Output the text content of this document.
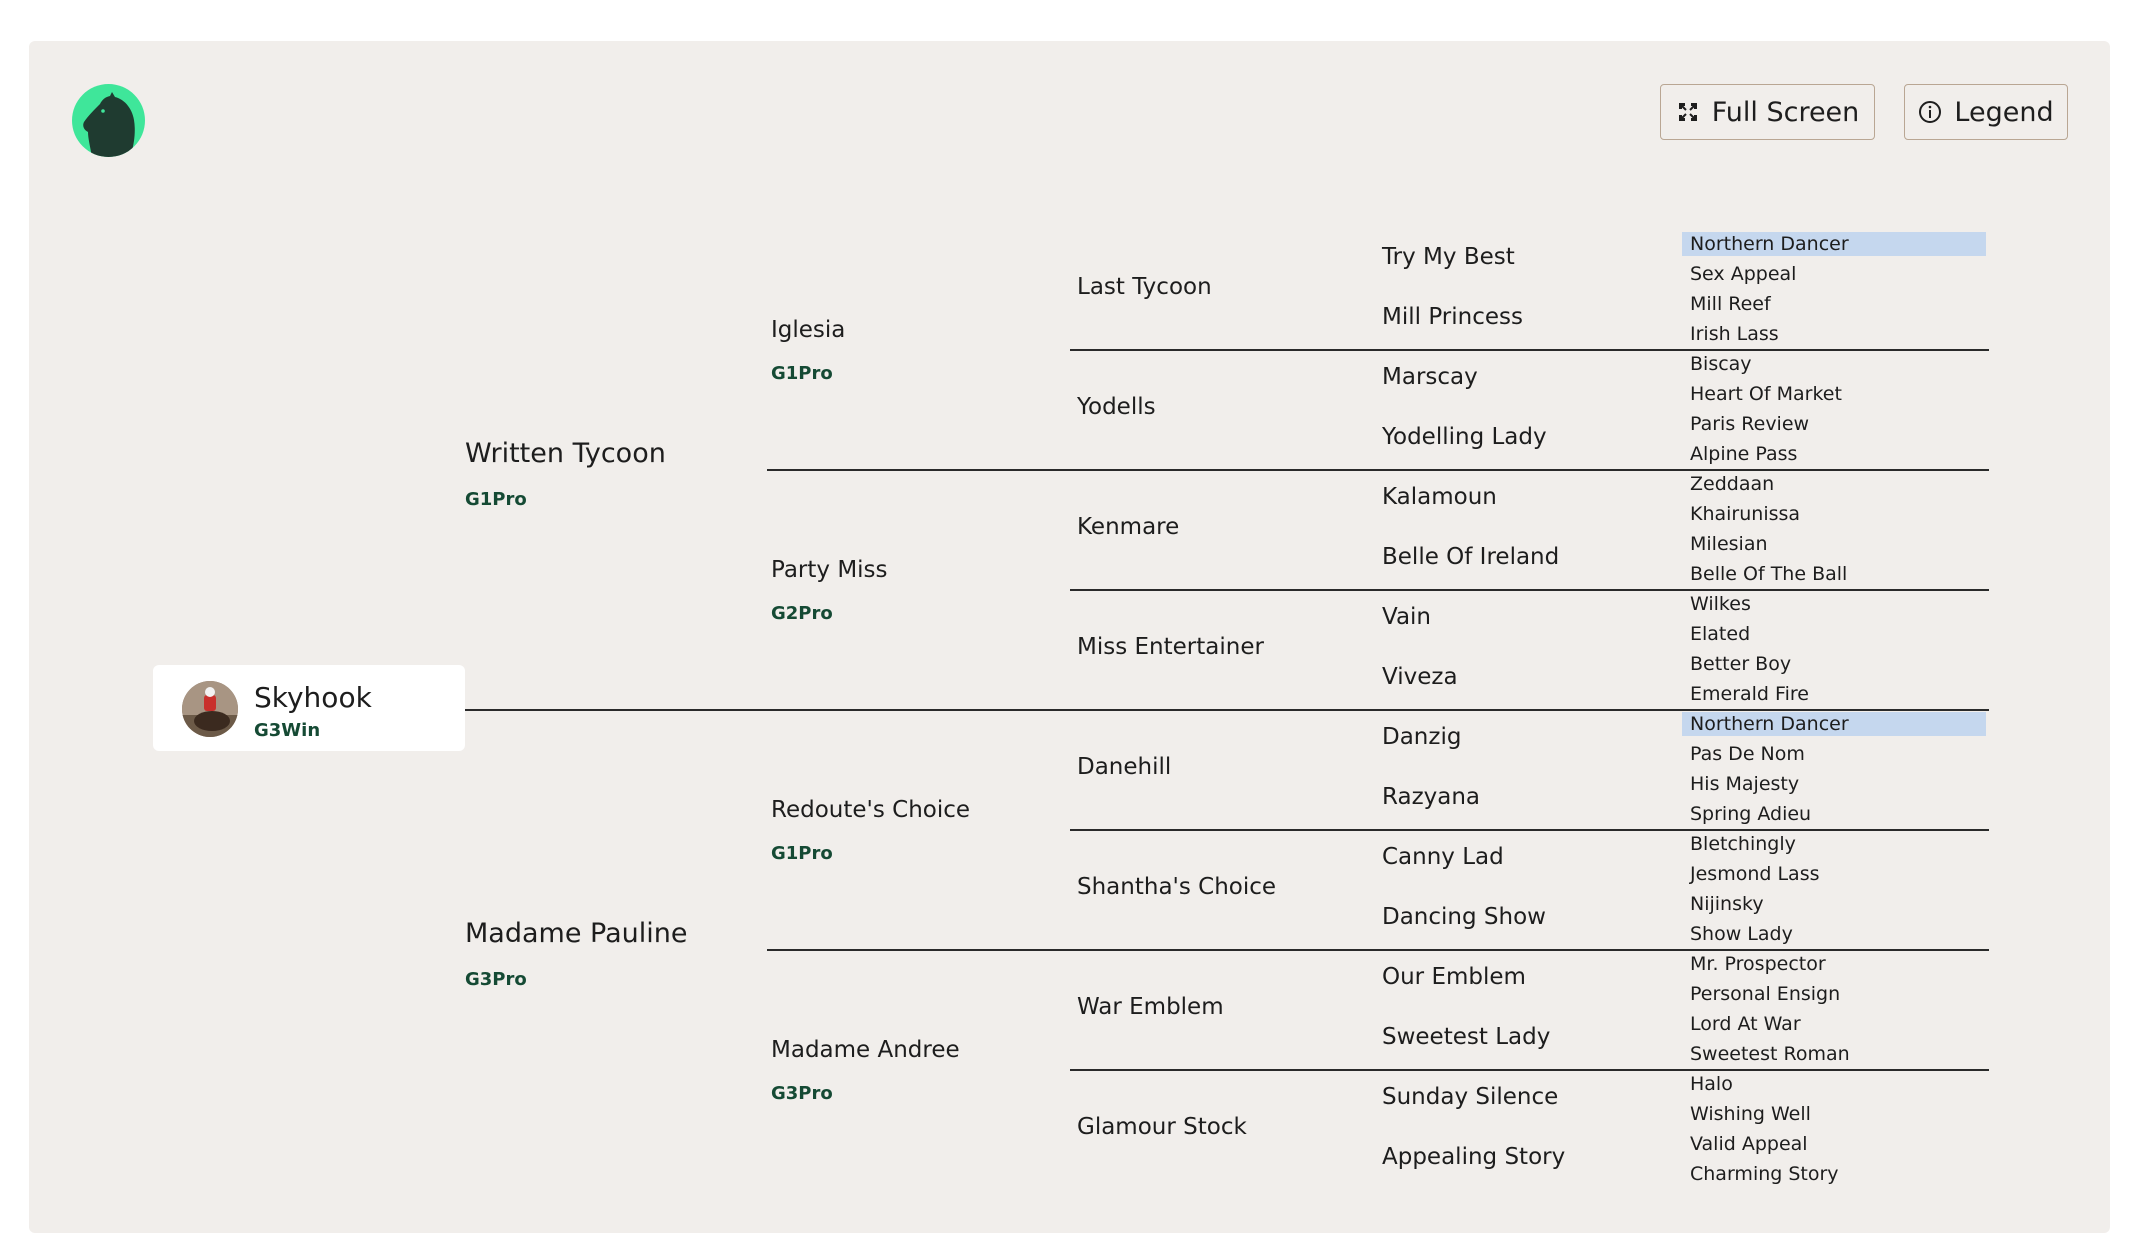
Full Screen	Legend
Skyhook
G3Win
Written Tycoon
G1Pro
Madame Pauline
G3Pro
Iglesia
G1Pro
Party Miss
G2Pro
Redoute's Choice
G1Pro
Madame Andree
G3Pro
Last Tycoon
Yodells
Kenmare
Miss Entertainer
Danehill
Shantha's Choice
War Emblem
Glamour Stock
Try My Best
Mill Princess
Marscay
Yodelling Lady
Kalamoun
Belle Of Ireland
Vain
Viveza
Danzig
Razyana
Canny Lad
Dancing Show
Our Emblem
Sweetest Lady
Sunday Silence
Appealing Story
Northern Dancer
Sex Appeal
Mill Reef
Irish Lass
Biscay
Heart Of Market
Paris Review
Alpine Pass
Zeddaan
Khairunissa
Milesian
Belle Of The Ball
Wilkes
Elated
Better Boy
Emerald Fire
Northern Dancer
Pas De Nom
His Majesty
Spring Adieu
Bletchingly
Jesmond Lass
Nijinsky
Show Lady
Mr. Prospector
Personal Ensign
Lord At War
Sweetest Roman
Halo
Wishing Well
Valid Appeal
Charming Story
